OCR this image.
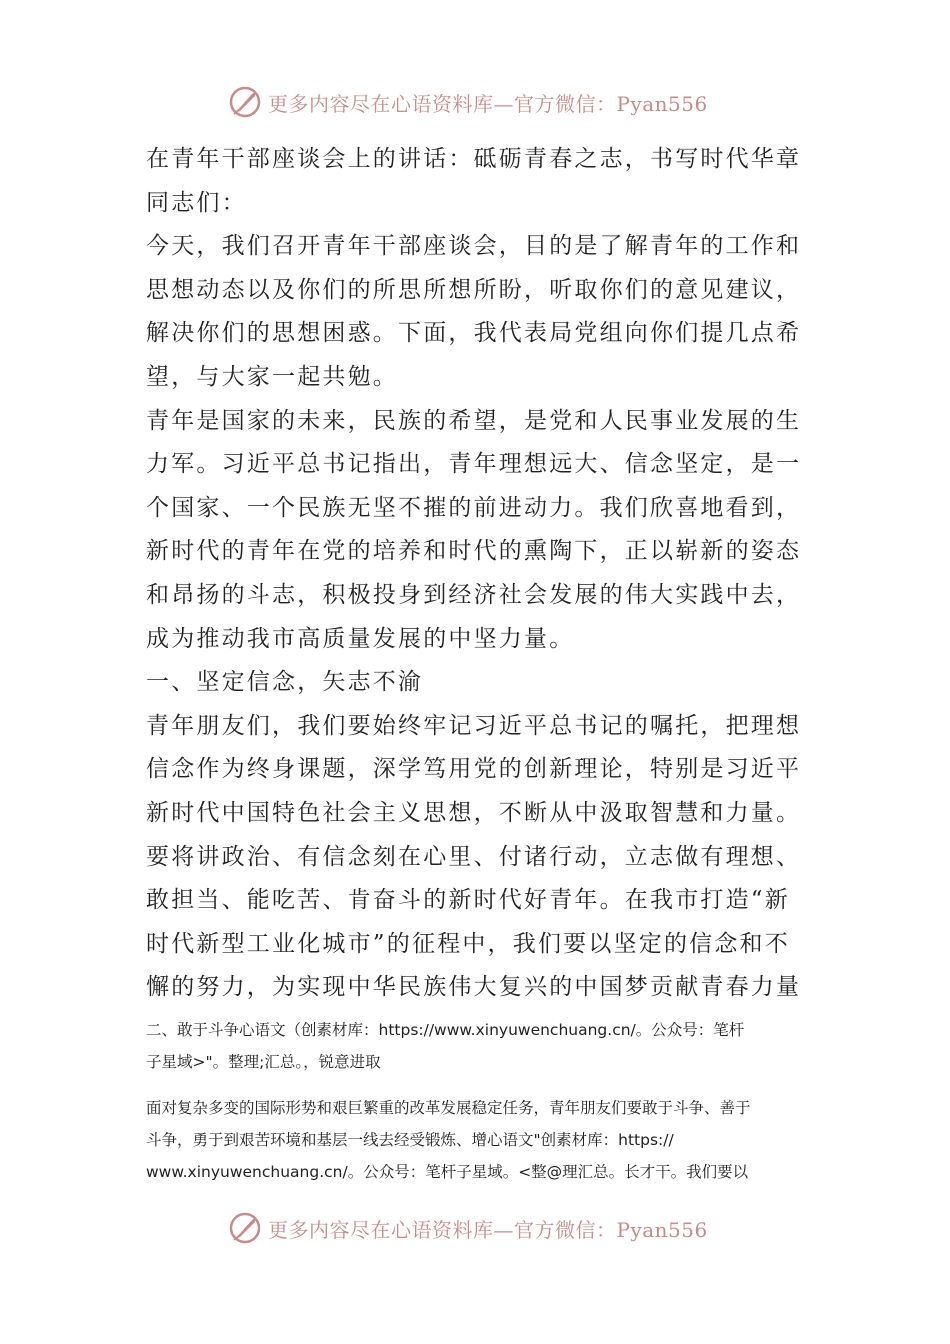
更多内容尽在心语资料库—官方微信：Pyan556

在青年干部座谈会上的讲话：砥砺青春之志，书写时代华章

同志们：

今天，我们召开青年干部座谈会，目的是了解青年的工作和

思想动态以及你们的所思所想所盼，听取你们的意见建议，

解决你们的思想困惑。下面，我代表局党组向你们提几点希

望，与大家一起共勉。

青年是国家的未来，民族的希望，是党和人民事业发展的生

力军。习近平总书记指出，青年理想远大、信念坚定，是一

个国家、一个民族无坚不摧的前进动力。我们欣喜地看到，

新时代的青年在党的培养和时代的熏陶下，正以崭新的姿态

和昂扬的斗志，积极投身到经济社会发展的伟大实践中去，

成为推动我市高质量发展的中坚力量。

一、坚定信念，矢志不渝

青年朋友们，我们要始终牢记习近平总书记的嘱托，把理想

信念作为终身课题，深学笃用党的创新理论，特别是习近平

新时代中国特色社会主义思想，不断从中汲取智慧和力量。

要将讲政治、有信念刻在心里、付诸行动，立志做有理想、

敢担当、能吃苦、肯奋斗的新时代好青年。在我市打造“新

时代新型工业化城市”的征程中，我们要以坚定的信念和不

懈的努力，为实现中华民族伟大复兴的中国梦贡献青春力量

二、敢于斗争心语文（创素材库：https://www.xinyuwenchuang.cn/。公众号：笔杆

子星域>"。整理;汇总。，锐意进取

面对复杂多变的国际形势和艰巨繁重的改革发展稳定任务，青年朋友们要敢于斗争、善于

斗争，勇于到艰苦环境和基层一线去经受锻炼、增心语文"创素材库：https://

www.xinyuwenchuang.cn/。公众号：笔杆子星域。<整@理汇总。长才干。我们要以

更多内容尽在心语资料库—官方微信：Pyan556
